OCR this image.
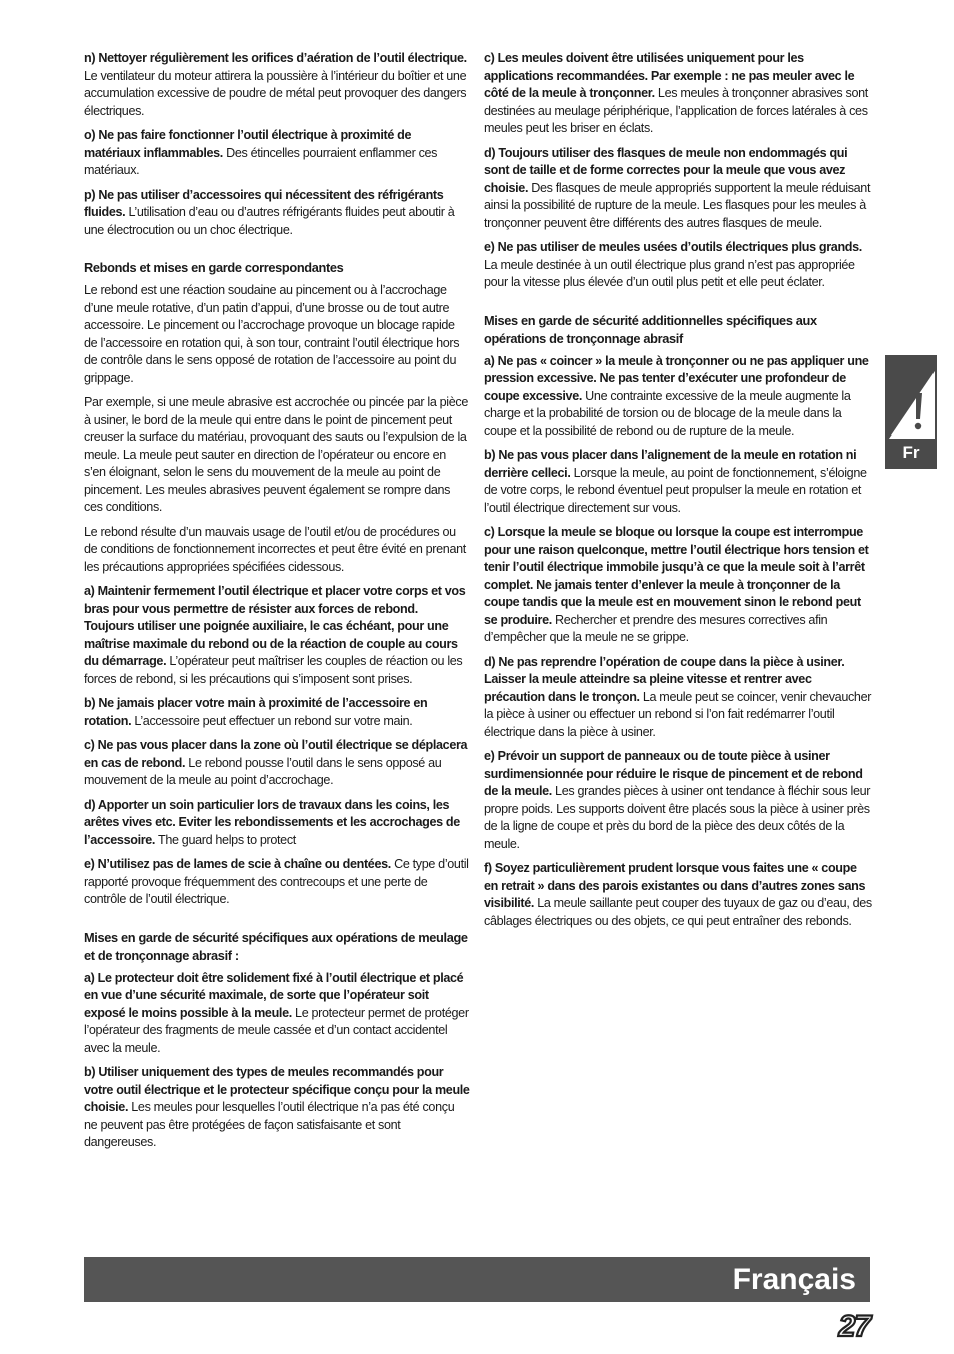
n) Nettoyer régulièrement les orifices d’aération de l’outil électrique. Le ventilateur du moteur attirera la poussière à l’intérieur du boîtier et une accumulation excessive de poudre de métal peut provoquer des dangers électriques.

o) Ne pas faire fonctionner l’outil électrique à proximité de matériaux inflammables. Des étincelles pourraient enflammer ces matériaux.

p) Ne pas utiliser d’accessoires qui nécessitent des réfrigérants fluides. L’utilisation d’eau ou d’autres réfrigérants fluides peut aboutir à une électrocution ou un choc électrique.

Rebonds et mises en garde correspondantes

Le rebond est une réaction soudaine au pincement ou à l’accrochage d’une meule rotative, d’un patin d’appui, d’une brosse ou de tout autre accessoire. Le pincement ou l’accrochage provoque un blocage rapide de l’accessoire en rotation qui, à son tour, contraint l’outil électrique hors de contrôle dans le sens opposé de rotation de l’accessoire au point du grippage.

Par exemple, si une meule abrasive est accrochée ou pincée par la pièce à usiner, le bord de la meule qui entre dans le point de pincement peut creuser la surface du matériau, provoquant des sauts ou l’expulsion de la meule. La meule peut sauter en direction de l’opérateur ou encore en s’en éloignant, selon le sens du mouvement de la meule au point de pincement. Les meules abrasives peuvent également se rompre dans ces conditions.

Le rebond résulte d’un mauvais usage de l’outil et/ou de procédures ou de conditions de fonctionnement incorrectes et peut être évité en prenant les précautions appropriées spécifiées cidessous.

a) Maintenir fermement l’outil électrique et placer votre corps et vos bras pour vous permettre de résister aux forces de rebond. Toujours utiliser une poignée auxiliaire, le cas échéant, pour une maîtrise maximale du rebond ou de la réaction de couple au cours du démarrage. L’opérateur peut maîtriser les couples de réaction ou les forces de rebond, si les précautions qui s’imposent sont prises.

b) Ne jamais placer votre main à proximité de l’accessoire en rotation. L’accessoire peut effectuer un rebond sur votre main.

c) Ne pas vous placer dans la zone où l’outil électrique se déplacera en cas de rebond. Le rebond pousse l’outil dans le sens opposé au mouvement de la meule au point d’accrochage.

d) Apporter un soin particulier lors de travaux dans les coins, les arêtes vives etc. Eviter les rebondissements et les accrochages de l’accessoire. The guard helps to protect

e) N’utilisez pas de lames de scie à chaîne ou dentées. Ce type d’outil rapporté provoque fréquemment des contrecoups et une perte de contrôle de l’outil électrique.

Mises en garde de sécurité spécifiques aux opérations de meulage et de tronçonnage abrasif :

a) Le protecteur doit être solidement fixé à l’outil électrique et placé en vue d’une sécurité maximale, de sorte que l’opérateur soit exposé le moins possible à la meule. Le protecteur permet de protéger l’opérateur des fragments de meule cassée et d’un contact accidentel avec la meule.

b) Utiliser uniquement des types de meules recommandés pour votre outil électrique et le protecteur spécifique conçu pour la meule choisie. Les meules pour lesquelles l’outil électrique n’a pas été conçu ne peuvent pas être protégées de façon satisfaisante et sont dangereuses.

c) Les meules doivent être utilisées uniquement pour les applications recommandées. Par exemple : ne pas meuler avec le côté de la meule à tronçonner. Les meules à tronçonner abrasives sont destinées au meulage périphérique, l’application de forces latérales à ces meules peut les briser en éclats.

d) Toujours utiliser des flasques de meule non endommagés qui sont de taille et de forme correctes pour la meule que vous avez choisie. Des flasques de meule appropriés supportent la meule réduisant ainsi la possibilité de rupture de la meule. Les flasques pour les meules à tronçonner peuvent être différents des autres flasques de meule.

e) Ne pas utiliser de meules usées d’outils électriques plus grands. La meule destinée à un outil électrique plus grand n’est pas appropriée pour la vitesse plus élevée d’un outil plus petit et elle peut éclater.

Mises en garde de sécurité additionnelles spécifiques aux opérations de tronçonnage abrasif

a) Ne pas « coincer » la meule à tronçonner ou ne pas appliquer une pression excessive. Ne pas tenter d’exécuter une profondeur de coupe excessive. Une contrainte excessive de la meule augmente la charge et la probabilité de torsion ou de blocage de la meule dans la coupe et la possibilité de rebond ou de rupture de la meule.

b) Ne pas vous placer dans l’alignement de la meule en rotation ni derrière celleci. Lorsque la meule, au point de fonctionnement, s’éloigne de votre corps, le rebond éventuel peut propulser la meule en rotation et l’outil électrique directement sur vous.

c) Lorsque la meule se bloque ou lorsque la coupe est interrompue pour une raison quelconque, mettre l’outil électrique hors tension et tenir l’outil électrique immobile jusqu’à ce que la meule soit à l’arrêt complet. Ne jamais tenter d’enlever la meule à tronçonner de la coupe tandis que la meule est en mouvement sinon le rebond peut se produire. Rechercher et prendre des mesures correctives afin d’empêcher que la meule ne se grippe.

d) Ne pas reprendre l’opération de coupe dans la pièce à usiner. Laisser la meule atteindre sa pleine vitesse et rentrer avec précaution dans le tronçon. La meule peut se coincer, venir chevaucher la pièce à usiner ou effectuer un rebond si l’on fait redémarrer l’outil électrique dans la pièce à usiner.

e) Prévoir un support de panneaux ou de toute pièce à usiner surdimensionnée pour réduire le risque de pincement et de rebond de la meule. Les grandes pièces à usiner ont tendance à fléchir sous leur propre poids. Les supports doivent être placés sous la pièce à usiner près de la ligne de coupe et près du bord de la pièce des deux côtés de la meule.

f) Soyez particulièrement prudent lorsque vous faites une « coupe en retrait » dans des parois existantes ou dans d’autres zones sans visibilité. La meule saillante peut couper des tuyaux de gaz ou d’eau, des câblages électriques ou des objets, ce qui peut entraîner des rebonds.

Fr
Français
27
